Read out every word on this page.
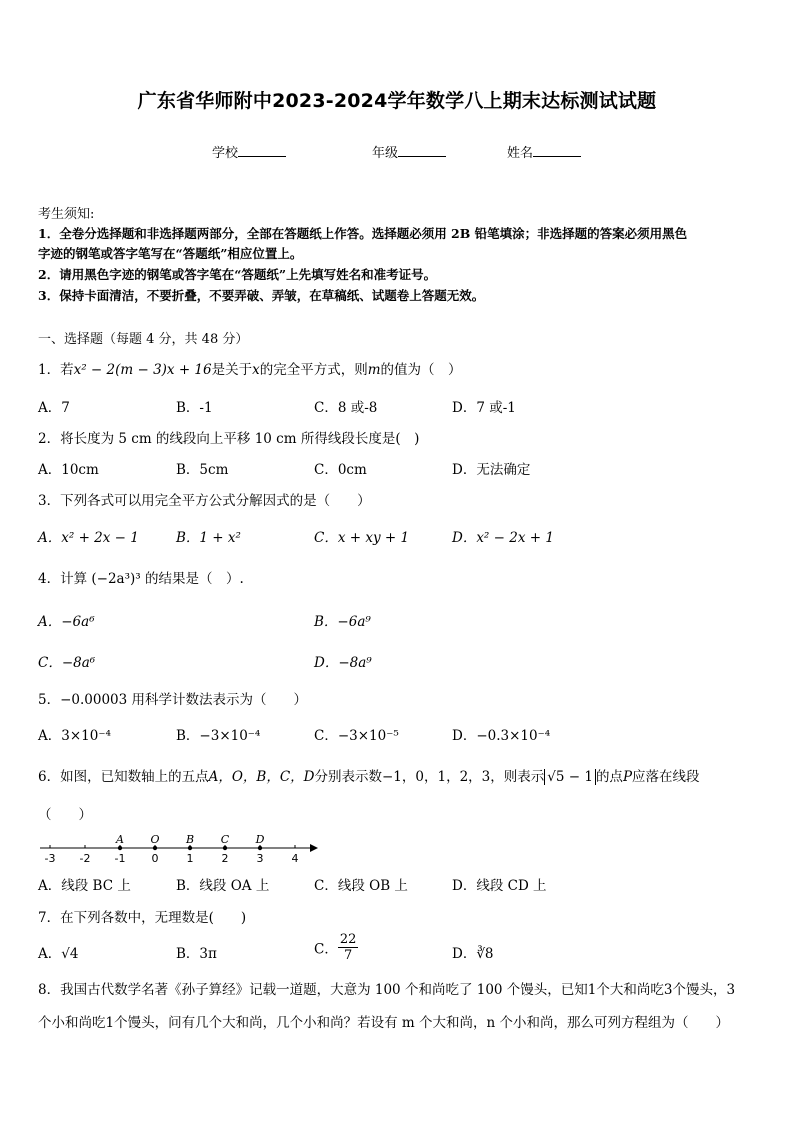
广东省华师附中2023-2024学年数学八上期末达标测试试题
学校	年级	姓名
考生须知:
1．全卷分选择题和非选择题两部分，全部在答题纸上作答。选择题必须用 2B 铅笔填涂；非选择题的答案必须用黑色
字迹的钢笔或答字笔写在“答题纸”相应位置上。
2．请用黑色字迹的钢笔或答字笔在“答题纸”上先填写姓名和准考证号。
3．保持卡面清洁，不要折叠，不要弄破、弄皱，在草稿纸、试题卷上答题无效。
一、选择题（每题 4 分，共 48 分）
1．若x² − 2(m − 3)x + 16是关于x的完全平方式，则m的值为（　）
A．7	B．-1	C．8 或-8	D．7 或-1
2．将长度为 5 cm 的线段向上平移 10 cm 所得线段长度是(　)
A．10cm	B．5cm	C．0cm	D．无法确定
3．下列各式可以用完全平方公式分解因式的是（　　）
A．x² + 2x − 1	B．1 + x²	C．x + xy + 1	D．x² − 2x + 1
4．计算 (−2a³)³ 的结果是（　）.
A．−6a⁶	B．−6a⁹
C．−8a⁶	D．−8a⁹
5．−0.00003 用科学计数法表示为（　　）
A．3×10⁻⁴	B．−3×10⁻⁴	C．−3×10⁻⁵	D．−0.3×10⁻⁴
6．如图，已知数轴上的五点A，O，B，C，D分别表示数−1，0，1，2，3，则表示 √5 − 1 的点P应落在线段
（　　）
-3 -2 -1 0	1	2	3	4
A O B C D
A．线段 BC 上	B．线段 OA 上	C．线段 OB 上	D．线段 CD 上
7．在下列各数中，无理数是(　　)
A．√4	B．3π	C． $\frac{22}{7}$	D．∛8
8．我国古代数学名著《孙子算经》记载一道题，大意为 100 个和尚吃了 100 个馒头，已知1个大和尚吃3个馒头，3
个小和尚吃1个馒头，问有几个大和尚，几个小和尚？若设有 m 个大和尚，n 个小和尚，那么可列方程组为（　　）
